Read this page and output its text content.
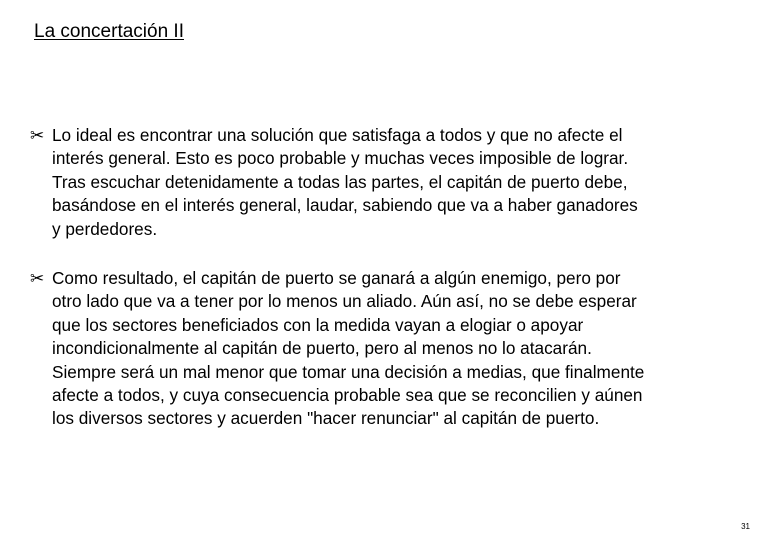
La concertación II
✂ Lo ideal es encontrar una solución que satisfaga a todos y que no afecte el
interés general. Esto es poco probable y muchas veces imposible de lograr.
Tras escuchar detenidamente a todas las partes, el capitán de puerto debe,
basándose en el interés general, laudar, sabiendo que va a haber ganadores
y perdedores.
✂ Como resultado, el capitán de puerto se ganará a algún enemigo, pero por
otro lado que va a tener por lo menos un aliado. Aún así, no se debe esperar
que los sectores beneficiados con la medida vayan a elogiar o apoyar
incondicionalmente al capitán de puerto, pero al menos no lo atacarán.
Siempre será un mal menor que tomar una decisión a medias, que finalmente
afecte a todos, y cuya consecuencia probable sea que se reconcilien y aúnen
los diversos sectores y acuerden "hacer renunciar" al capitán de puerto.
31
